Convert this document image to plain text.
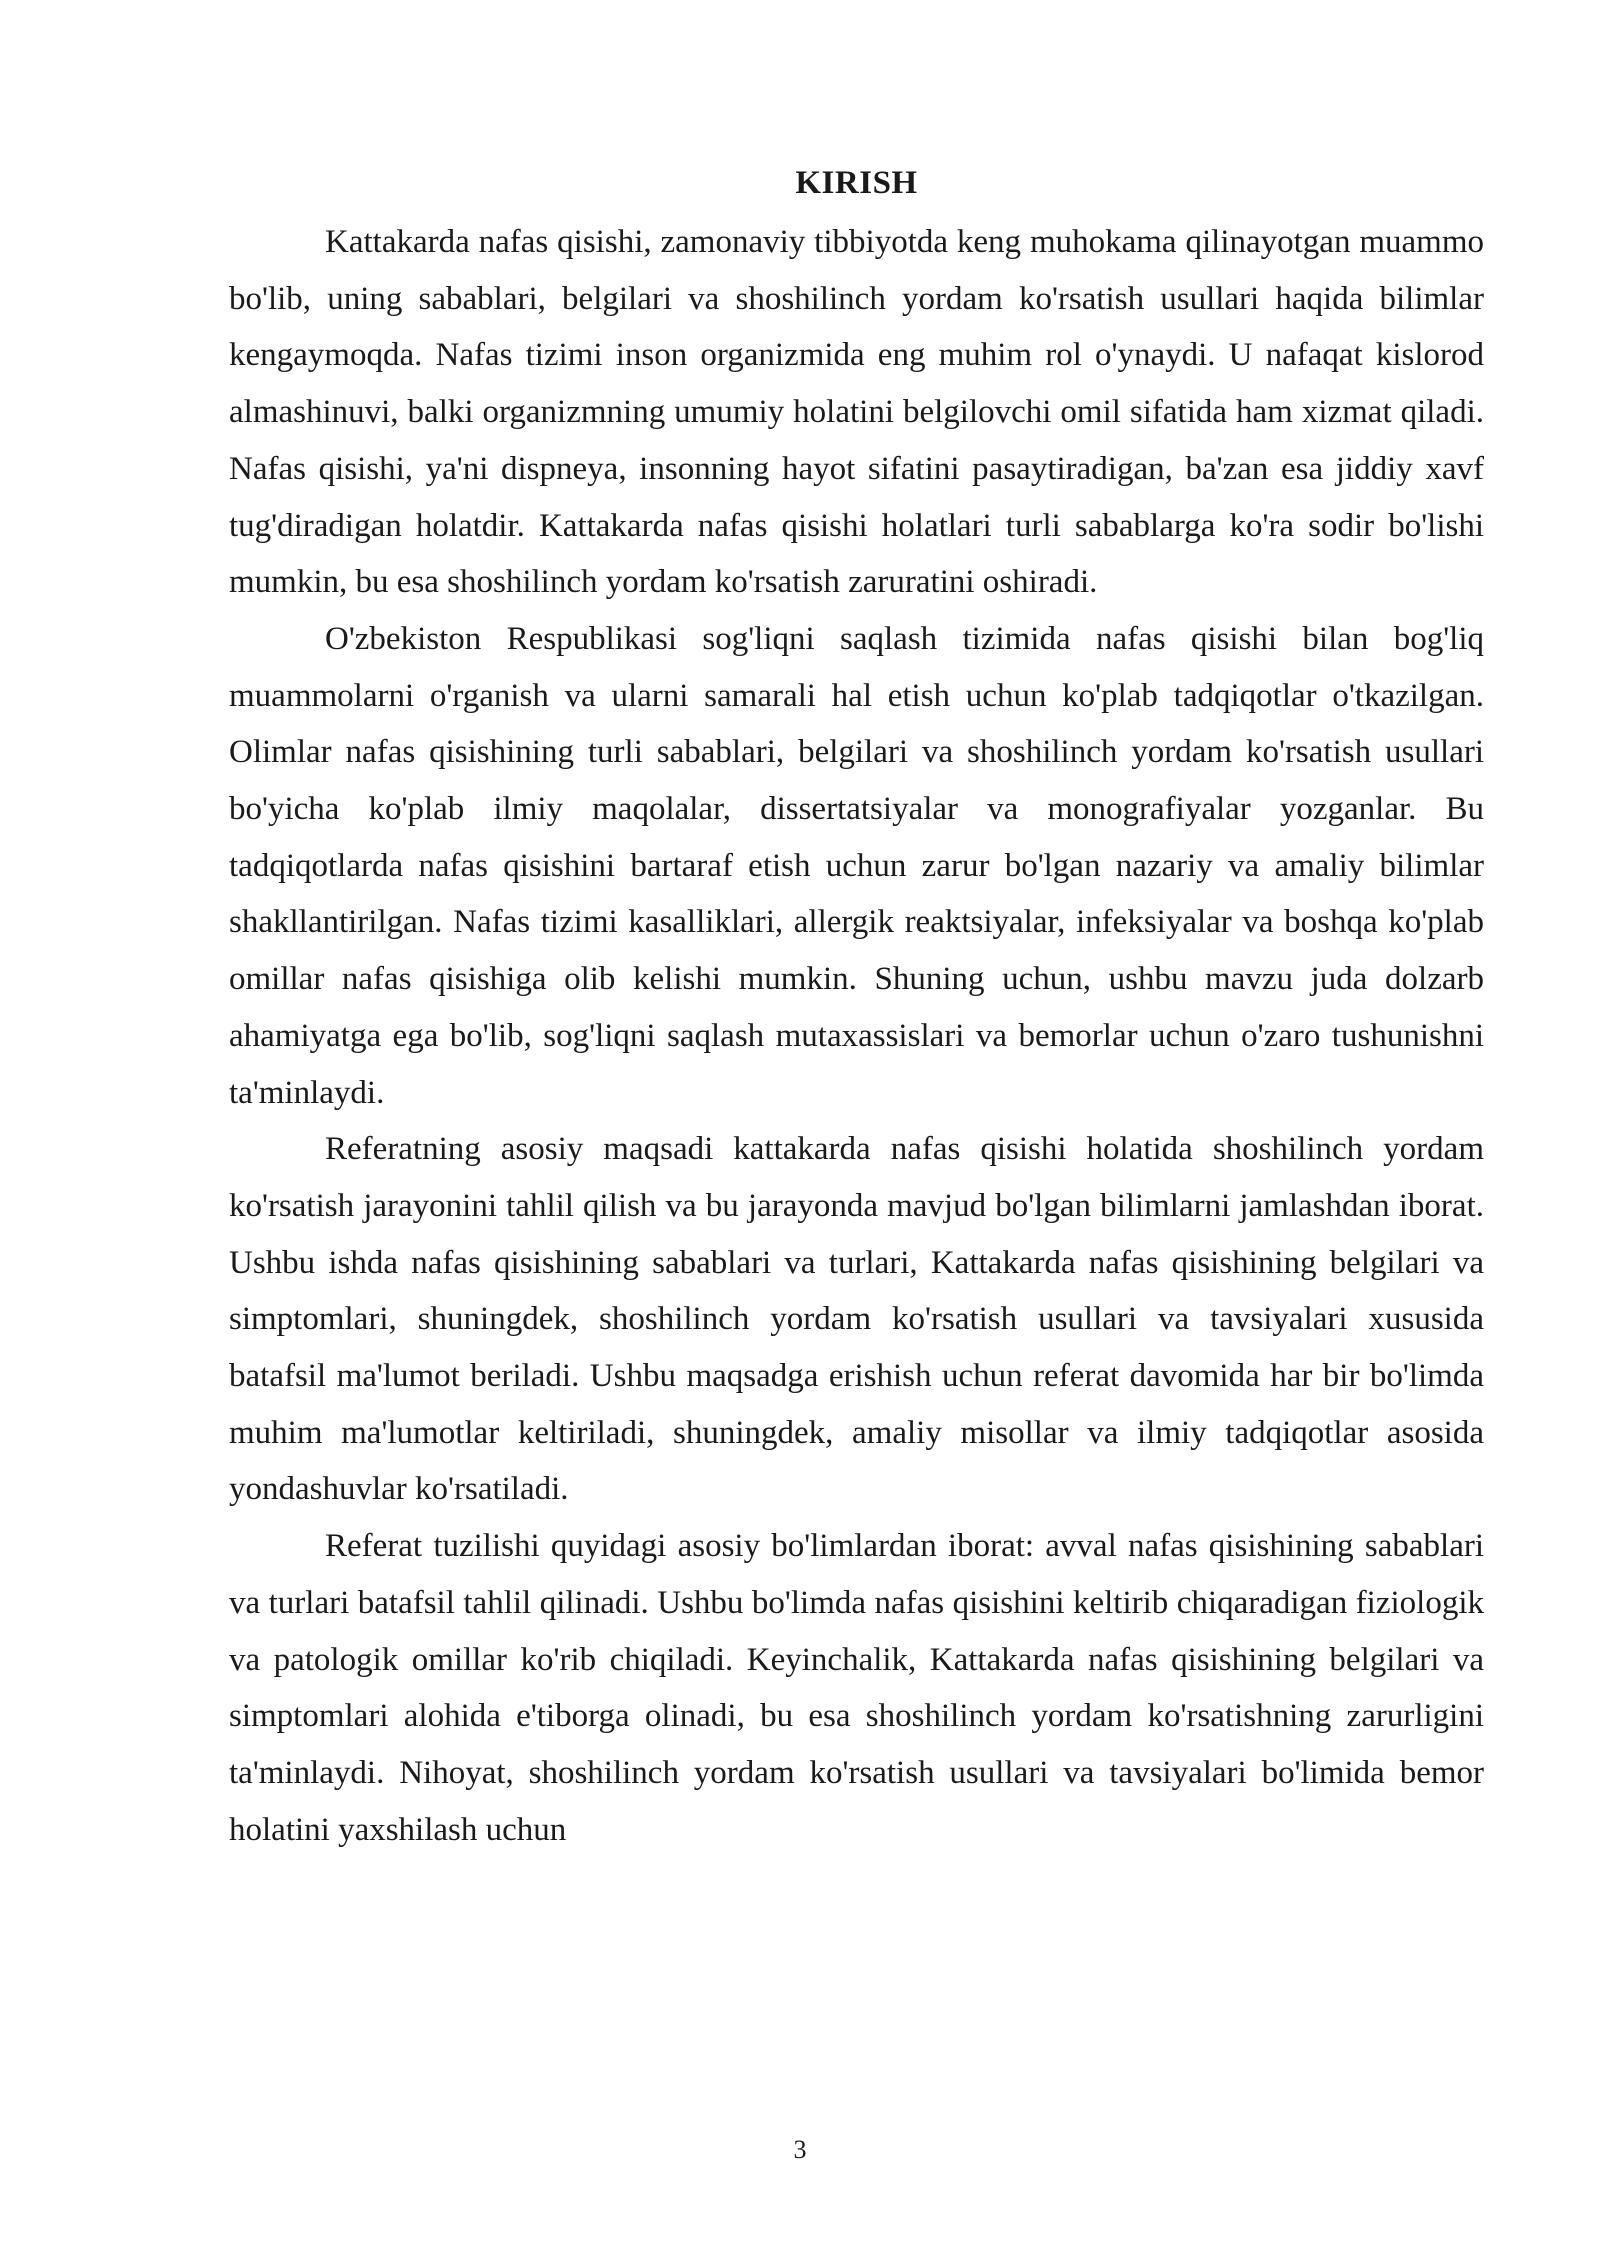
KIRISH

Kattakarda nafas qisishi, zamonaviy tibbiyotda keng muhokama qilinayotgan muammo bo'lib, uning sabablari, belgilari va shoshilinch yordam ko'rsatish usullari haqida bilimlar kengaymoqda. Nafas tizimi inson organizmida eng muhim rol o'ynaydi. U nafaqat kislorod almashinuvi, balki organizmning umumiy holatini belgilovchi omil sifatida ham xizmat qiladi. Nafas qisishi, ya'ni dispneya, insonning hayot sifatini pasaytiradigan, ba'zan esa jiddiy xavf tug'diradigan holatdir. Kattakarda nafas qisishi holatlari turli sabablarga ko'ra sodir bo'lishi mumkin, bu esa shoshilinch yordam ko'rsatish zaruratini oshiradi.

O'zbekiston Respublikasi sog'liqni saqlash tizimida nafas qisishi bilan bog'liq muammolarni o'rganish va ularni samarali hal etish uchun ko'plab tadqiqotlar o'tkazilgan. Olimlar nafas qisishining turli sabablari, belgilari va shoshilinch yordam ko'rsatish usullari bo'yicha ko'plab ilmiy maqolalar, dissertatsiyalar va monografiyalar yozganlar. Bu tadqiqotlarda nafas qisishini bartaraf etish uchun zarur bo'lgan nazariy va amaliy bilimlar shakllantirilgan. Nafas tizimi kasalliklari, allergik reaktsiyalar, infeksiyalar va boshqa ko'plab omillar nafas qisishiga olib kelishi mumkin. Shuning uchun, ushbu mavzu juda dolzarb ahamiyatga ega bo'lib, sog'liqni saqlash mutaxassislari va bemorlar uchun o'zaro tushunishni ta'minlaydi.

Referatning asosiy maqsadi kattakarda nafas qisishi holatida shoshilinch yordam ko'rsatish jarayonini tahlil qilish va bu jarayonda mavjud bo'lgan bilimlarni jamlashdan iborat. Ushbu ishda nafas qisishining sabablari va turlari, Kattakarda nafas qisishining belgilari va simptomlari, shuningdek, shoshilinch yordam ko'rsatish usullari va tavsiyalari xususida batafsil ma'lumot beriladi. Ushbu maqsadga erishish uchun referat davomida har bir bo'limda muhim ma'lumotlar keltiriladi, shuningdek, amaliy misollar va ilmiy tadqiqotlar asosida yondashuvlar ko'rsatiladi.

Referat tuzilishi quyidagi asosiy bo'limlardan iborat: avval nafas qisishining sabablari va turlari batafsil tahlil qilinadi. Ushbu bo'limda nafas qisishini keltirib chiqaradigan fiziologik va patologik omillar ko'rib chiqiladi. Keyinchalik, Kattakarda nafas qisishining belgilari va simptomlari alohida e'tiborga olinadi, bu esa shoshilinch yordam ko'rsatishning zarurligini ta'minlaydi. Nihoyat, shoshilinch yordam ko'rsatish usullari va tavsiyalari bo'limida bemor holatini yaxshilash uchun

3
